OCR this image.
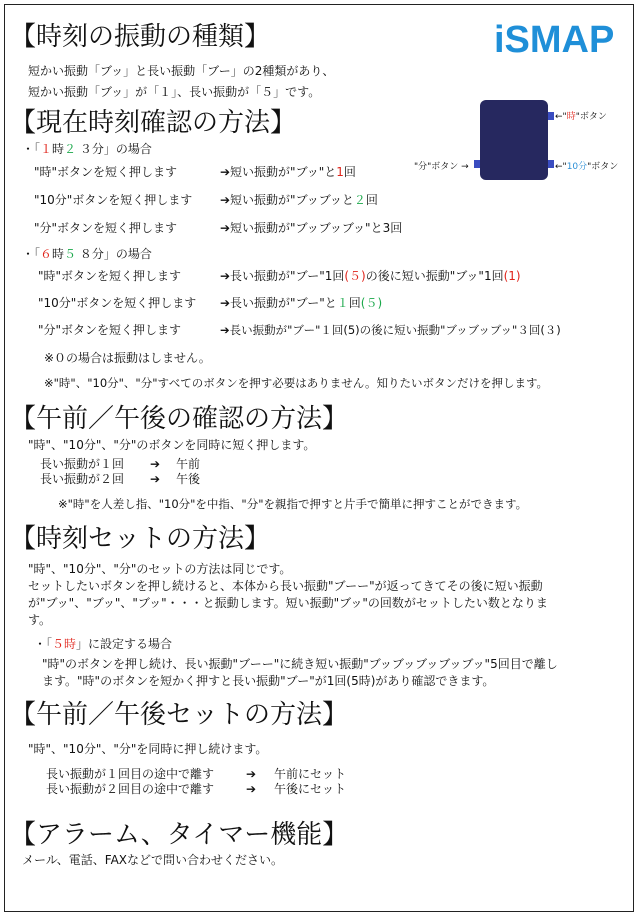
iSMAP
【時刻の振動の種類】
短かい振動「ブッ」と長い振動「ブー」の2種類があり、
短かい振動「ブッ」が「１」、長い振動が「５」です。
【現在時刻確認の方法】	←"時"ボタン
←"10分"ボタン
"分"ボタン →
・「１時２ ３分」の場合
"時"ボタンを短く押します	➔短い振動が"ブッ"と1回
"10分"ボタンを短く押します ➔短い振動が"ブッブッと２回
"分"ボタンを短く押します	➔短い振動が"ブッブッブッ"と3回
・「６時５ ８分」の場合
"時"ボタンを短く押します	➔長い振動が"ブー"1回(５)の後に短い振動"ブッ"1回(1)
"10分"ボタンを短く押します ➔長い振動が"ブー"と１回(５)
"分"ボタンを短く押します	➔長い振動が"ブー"１回(5)の後に短い振動"ブッブッブッ"３回(３)
※０の場合は振動はしません。
※"時"、"10分"、"分"すべてのボタンを押す必要はありません。知りたいボタンだけを押します。
【午前／午後の確認の方法】
"時"、"10分"、"分"のボタンを同時に短く押します。
長い振動が１回 ➔ 午前
長い振動が２回 ➔ 午後
※"時"を人差し指、"10分"を中指、"分"を親指で押すと片手で簡単に押すことができます。
【時刻セットの方法】
"時"、"10分"、"分"のセットの方法は同じです。
セットしたいボタンを押し続けると、本体から長い振動"ブーー"が返ってきてその後に短い振動
が"ブッ"、"ブッ"、"ブッ"・・・と振動します。短い振動"ブッ"の回数がセットしたい数となりま
す。
・「５時」に設定する場合
"時"のボタンを押し続け、長い振動"ブーー"に続き短い振動"ブッブッブッブッブッ"5回目で離し
ます。"時"のボタンを短かく押すと長い振動"ブー"が1回(5時)があり確認できます。
【午前／午後セットの方法】
"時"、"10分"、"分"を同時に押し続けます。
長い振動が１回目の途中で離す	➔ 午前にセット
長い振動が２回目の途中で離す	➔ 午後にセット
【アラーム、タイマー機能】
メール、電話、FAXなどで問い合わせください。
